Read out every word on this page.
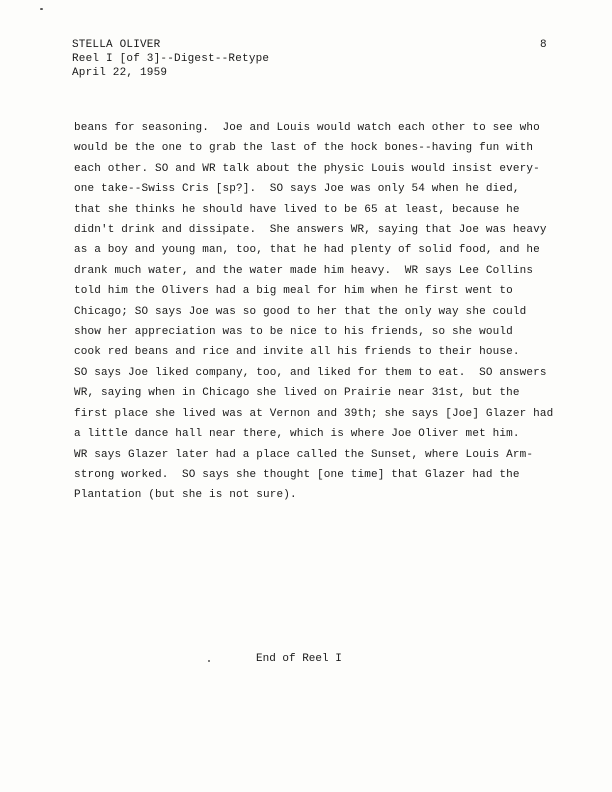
STELLA OLIVER
Reel I [of 3]--Digest--Retype
April 22, 1959
8
beans for seasoning.  Joe and Louis would watch each other to see who
would be the one to grab the last of the hock bones--having fun with
each other. SO and WR talk about the physic Louis would insist every-
one take--Swiss Cris [sp?].  SO says Joe was only 54 when he died,
that she thinks he should have lived to be 65 at least, because he
didn't drink and dissipate.  She answers WR, saying that Joe was heavy
as a boy and young man, too, that he had plenty of solid food, and he
drank much water, and the water made him heavy.  WR says Lee Collins
told him the Olivers had a big meal for him when he first went to
Chicago; SO says Joe was so good to her that the only way she could
show her appreciation was to be nice to his friends, so she would
cook red beans and rice and invite all his friends to their house.
SO says Joe liked company, too, and liked for them to eat.  SO answers
WR, saying when in Chicago she lived on Prairie near 31st, but the
first place she lived was at Vernon and 39th; she says [Joe] Glazer had
a little dance hall near there, which is where Joe Oliver met him.
WR says Glazer later had a place called the Sunset, where Louis Arm-
strong worked.  SO says she thought [one time] that Glazer had the
Plantation (but she is not sure).
End of Reel I
